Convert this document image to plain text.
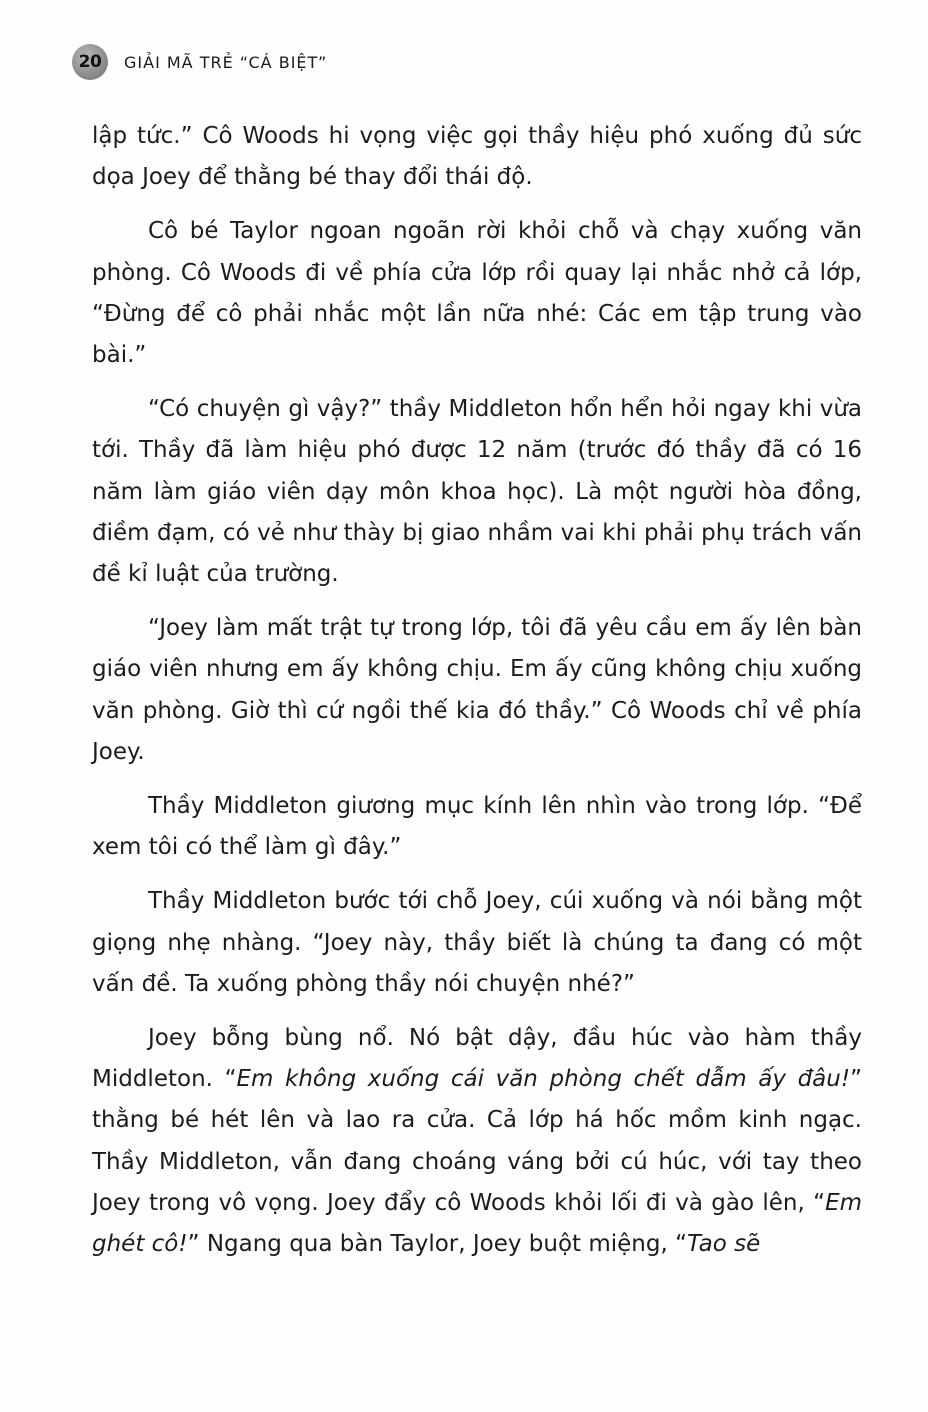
20	GIẢI MÃ TRẺ “CÁ BIỆT”

lập tức.” Cô Woods hi vọng việc gọi thầy hiệu phó xuống đủ sức dọa Joey để thằng bé thay đổi thái độ.

Cô bé Taylor ngoan ngoãn rời khỏi chỗ và chạy xuống văn phòng. Cô Woods đi về phía cửa lớp rồi quay lại nhắc nhở cả lớp, “Đừng để cô phải nhắc một lần nữa nhé: Các em tập trung vào bài.”

“Có chuyện gì vậy?” thầy Middleton hổn hển hỏi ngay khi vừa tới. Thầy đã làm hiệu phó được 12 năm (trước đó thầy đã có 16 năm làm giáo viên dạy môn khoa học). Là một người hòa đồng, điềm đạm, có vẻ như thày bị giao nhầm vai khi phải phụ trách vấn đề kỉ luật của trường.

“Joey làm mất trật tự trong lớp, tôi đã yêu cầu em ấy lên bàn giáo viên nhưng em ấy không chịu. Em ấy cũng không chịu xuống văn phòng. Giờ thì cứ ngồi thế kia đó thầy.” Cô Woods chỉ về phía Joey.

Thầy Middleton giương mục kính lên nhìn vào trong lớp. “Để xem tôi có thể làm gì đây.”

Thầy Middleton bước tới chỗ Joey, cúi xuống và nói bằng một giọng nhẹ nhàng. “Joey này, thầy biết là chúng ta đang có một vấn đề. Ta xuống phòng thầy nói chuyện nhé?”

Joey bỗng bùng nổ. Nó bật dậy, đầu húc vào hàm thầy Middleton. “Em không xuống cái văn phòng chết dẫm ấy đâu!” thằng bé hét lên và lao ra cửa. Cả lớp há hốc mồm kinh ngạc. Thầy Middleton, vẫn đang choáng váng bởi cú húc, với tay theo Joey trong vô vọng. Joey đẩy cô Woods khỏi lối đi và gào lên, “Em ghét cô!” Ngang qua bàn Taylor, Joey buột miệng, “Tao sẽ
